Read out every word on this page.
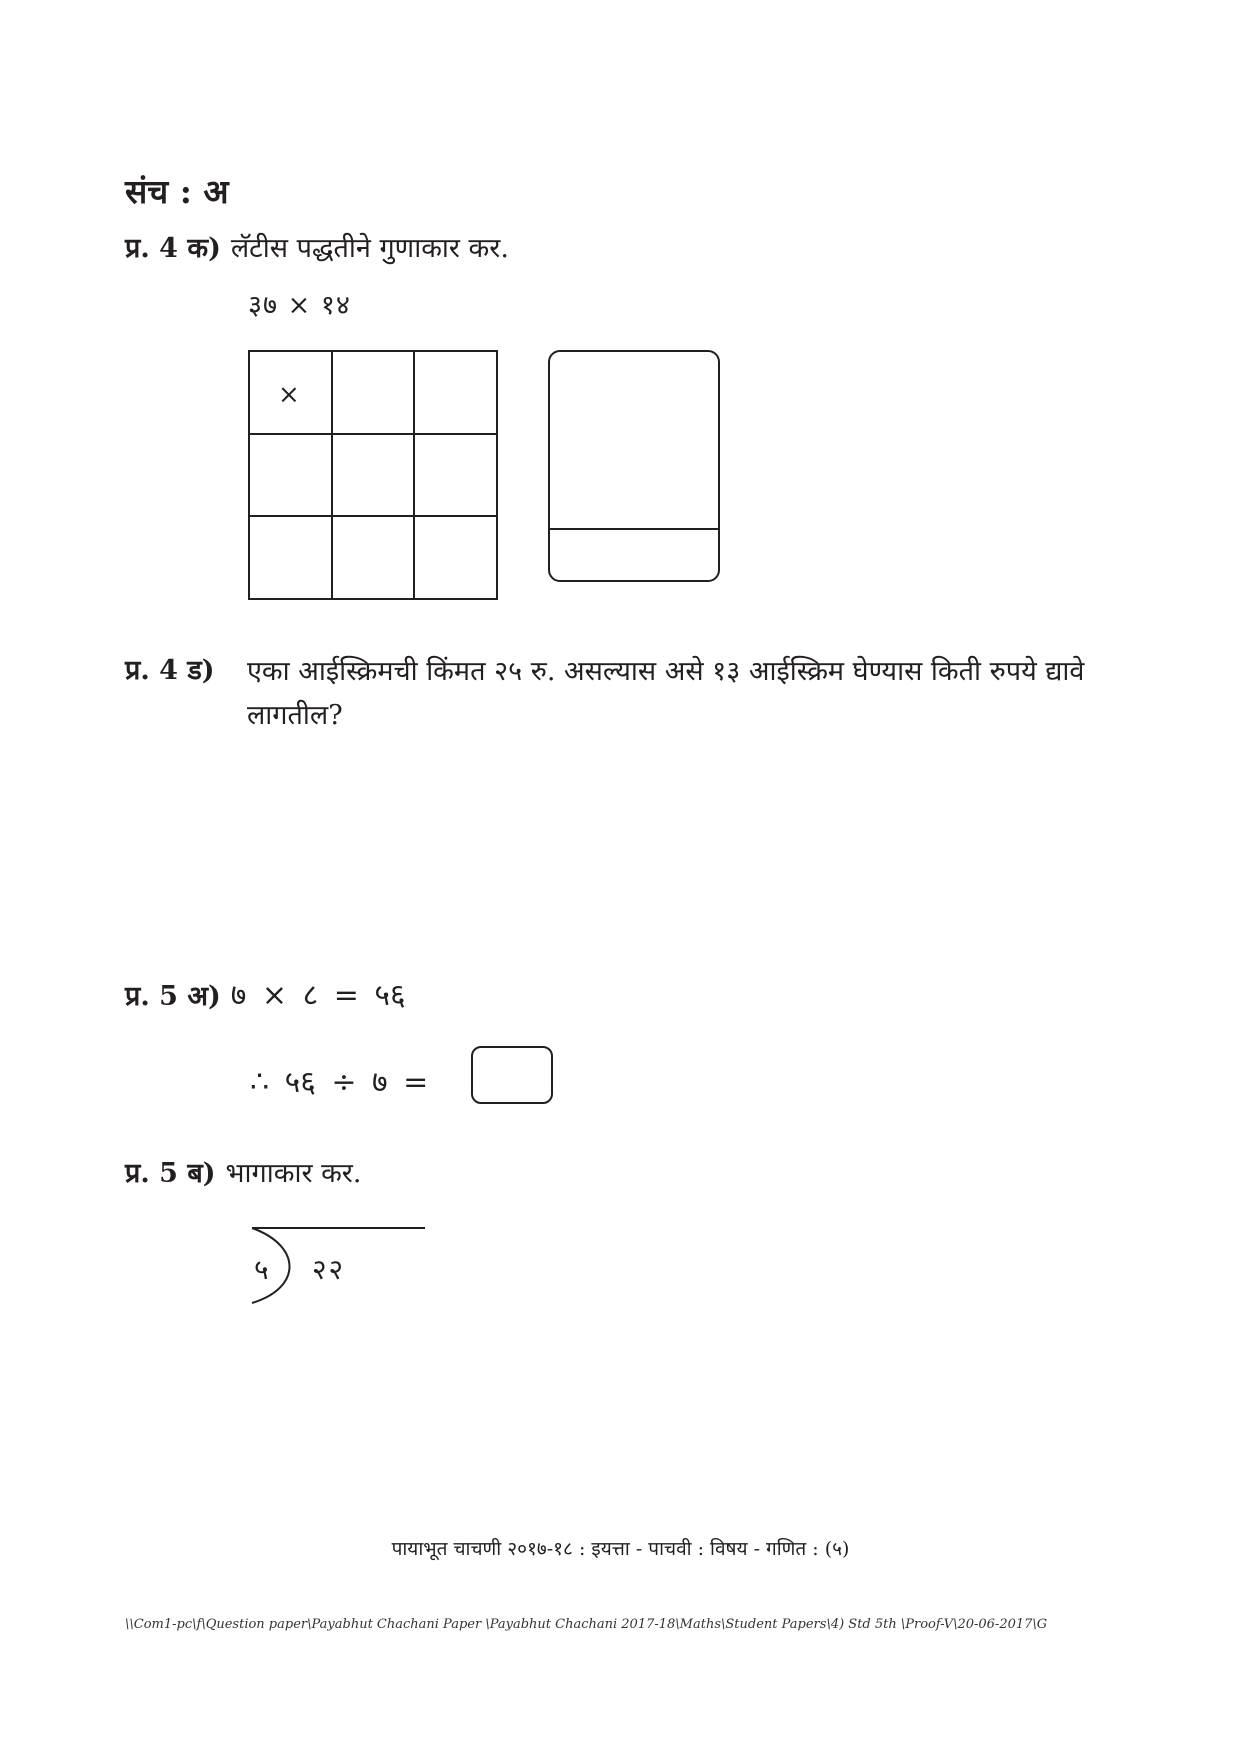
संच : अ
प्र. 4 क) लॅटीस पद्धतीने गुणाकार कर.
३७ × १४
×
प्र. 4 ड) एका आईस्क्रिमची किंमत २५ रु. असल्यास असे १३ आईस्क्रिम घेण्यास किती रुपये द्यावे लागतील?
प्र. 5 अ) ७ × ८ = ५६
∴ ५६ ÷ ७ =
प्र. 5 ब) भागाकार कर.
५ २२
पायाभूत चाचणी २०१७-१८ : इयत्ता - पाचवी : विषय - गणित : (५)
\\Com1-pc\f\Question paper\Payabhut Chachani Paper \Payabhut Chachani 2017-18\Maths\Student Papers\4) Std 5th \Proof-V\20-06-2017\G
